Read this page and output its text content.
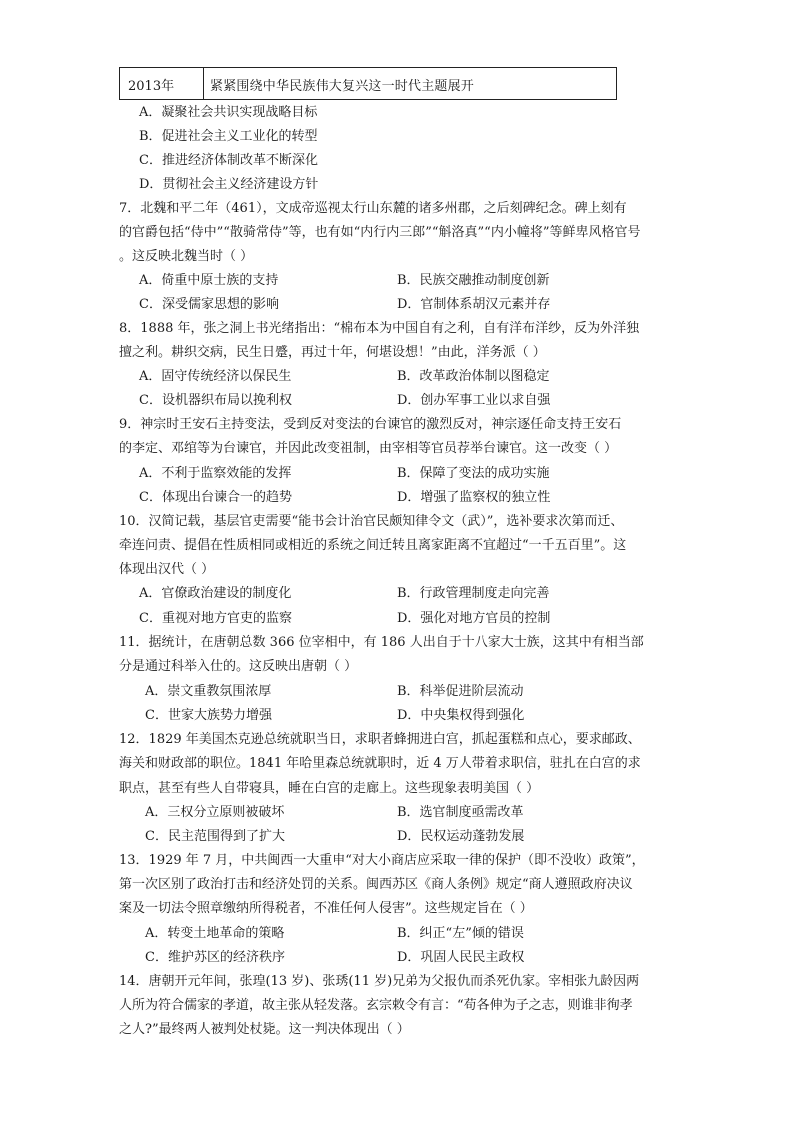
2013年	紧紧围绕中华民族伟大复兴这一时代主题展开
A．凝聚社会共识实现战略目标
B．促进社会主义工业化的转型
C．推进经济体制改革不断深化
D．贯彻社会主义经济建设方针
7．北魏和平二年（461），文成帝巡视太行山东麓的诸多州郡，之后刻碑纪念。碑上刻有
的官爵包括“侍中”“散骑常侍”等，也有如“内行内三郎”“斛洛真”“内小幢将”等鲜卑风格官号
。这反映北魏当时（ ）
A．倚重中原士族的支持	B．民族交融推动制度创新
C．深受儒家思想的影响	D．官制体系胡汉元素并存
8．1888 年，张之洞上书光绪指出：“棉布本为中国自有之利，自有洋布洋纱，反为外洋独
擅之利。耕织交病，民生日蹙，再过十年，何堪设想！”由此，洋务派（ ）
A．固守传统经济以保民生	B．改革政治体制以图稳定
C．设机器织布局以挽利权	D．创办军事工业以求自强
9．神宗时王安石主持变法，受到反对变法的台谏官的激烈反对，神宗逐任命支持王安石
的李定、邓绾等为台谏官，并因此改变祖制，由宰相等官员荐举台谏官。这一改变（ ）
A．不利于监察效能的发挥	B．保障了变法的成功实施
C．体现出台谏合一的趋势	D．增强了监察权的独立性
10．汉简记载，基层官吏需要“能书会计治官民颇知律令文（武）”，选补要求次第而迁、
牵连问责、提倡在性质相同或相近的系统之间迁转且离家距离不宜超过“一千五百里”。这
体现出汉代（ ）
A．官僚政治建设的制度化	B．行政管理制度走向完善
C．重视对地方官吏的监察	D．强化对地方官员的控制
11．据统计，在唐朝总数 366 位宰相中，有 186 人出自于十八家大士族，这其中有相当部
分是通过科举入仕的。这反映出唐朝（ ）
A．崇文重教氛围浓厚	B．科举促进阶层流动
C．世家大族势力增强	D．中央集权得到强化
12．1829 年美国杰克逊总统就职当日，求职者蜂拥进白宫，抓起蛋糕和点心，要求邮政、
海关和财政部的职位。1841 年哈里森总统就职时，近 4 万人带着求职信，驻扎在白宫的求
职点，甚至有些人自带寝具，睡在白宫的走廊上。这些现象表明美国（ ）
A．三权分立原则被破坏	B．选官制度亟需改革
C．民主范围得到了扩大	D．民权运动蓬勃发展
13．1929 年 7 月，中共闽西一大重申“对大小商店应采取一律的保护（即不没收）政策”，
第一次区别了政治打击和经济处罚的关系。闽西苏区《商人条例》规定“商人遵照政府决议
案及一切法令照章缴纳所得税者，不准任何人侵害”。这些规定旨在（ ）
A．转变土地革命的策略	B．纠正“左”倾的错误
C．维护苏区的经济秩序	D．巩固人民民主政权
14．唐朝开元年间，张瑝(13 岁)、张琇(11 岁)兄弟为父报仇而杀死仇家。宰相张九龄因两
人所为符合儒家的孝道，故主张从轻发落。玄宗敕令有言：“苟各伸为子之志，则谁非徇孝
之人?”最终两人被判处杖毙。这一判决体现出（ ）
